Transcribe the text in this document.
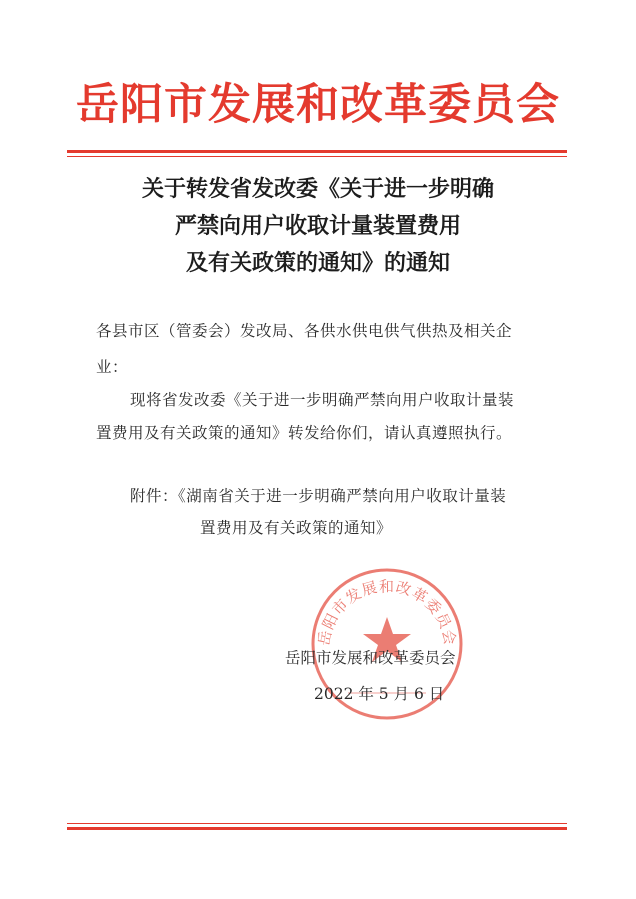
岳阳市发展和改革委员会
关于转发省发改委《关于进一步明确
严禁向用户收取计量装置费用
及有关政策的通知》的通知
各县市区（管委会）发改局、各供水供电供气供热及相关企
业：
现将省发改委《关于进一步明确严禁向用户收取计量装
置费用及有关政策的通知》转发给你们，请认真遵照执行。
附件：《湖南省关于进一步明确严禁向用户收取计量装
置费用及有关政策的通知》
岳阳市发展和改革委员会
岳阳市发展和改革委员会
2022 年 5 月 6 日
